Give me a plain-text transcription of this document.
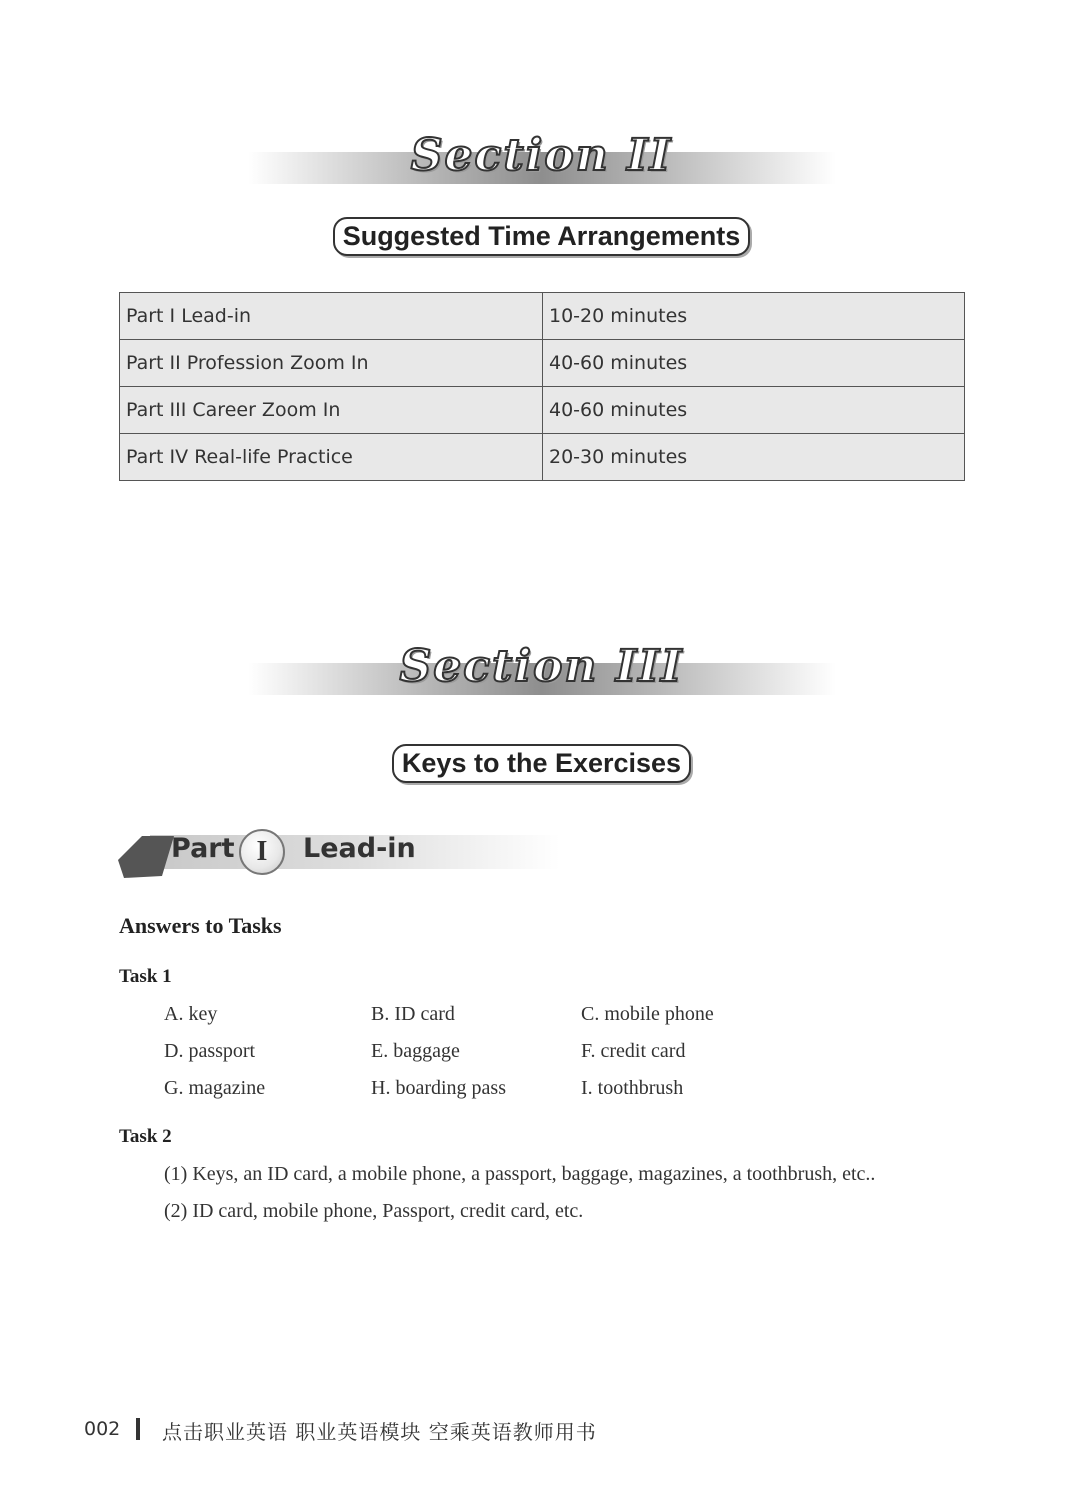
Section II
Suggested Time Arrangements
Part I Lead-in	10-20 minutes
Part II Profession Zoom In	40-60 minutes
Part III Career Zoom In	40-60 minutes
Part IV Real-life Practice	20-30 minutes
Section III
Keys to the Exercises
Part I	Lead-in
Answers to Tasks
Task 1
A. key	B. ID card	C. mobile phone
D. passport	E. baggage	F. credit card
G. magazine	H. boarding pass	I. toothbrush
Task 2
(1) Keys, an ID card, a mobile phone, a passport, baggage, magazines, a toothbrush, etc..
(2) ID card, mobile phone, Passport, credit card, etc.
002 点击职业英语 职业英语模块 空乘英语教师用书
